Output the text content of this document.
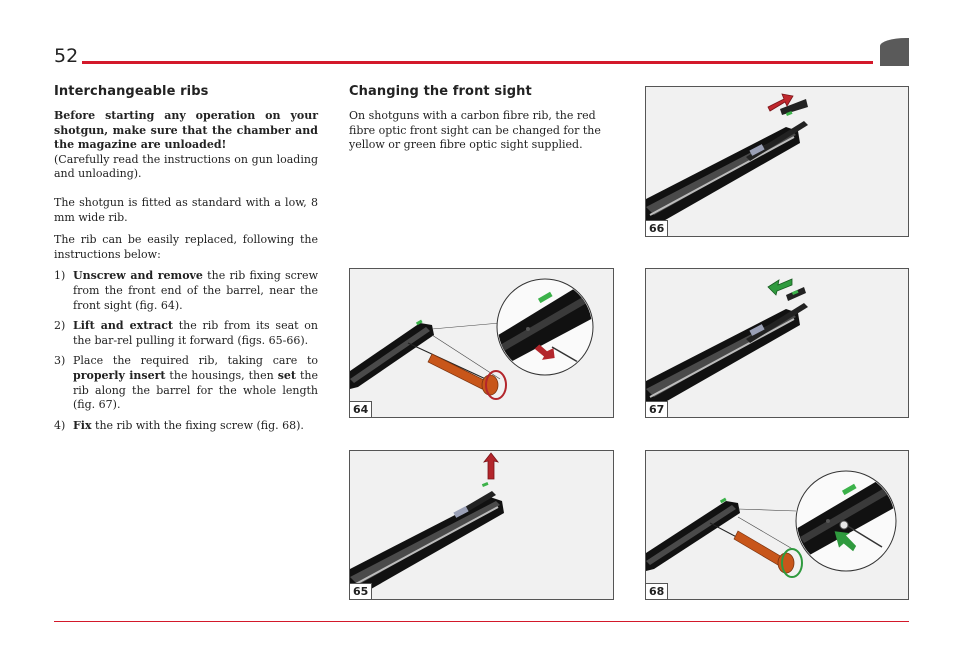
52
Interchangeable ribs

Before starting any operation on your shotgun, make sure that the chamber and the magazine are unloaded!

(Carefully read the instructions on gun loading and unloading).

The shotgun is fitted as standard with a low, 8 mm wide rib.

The rib can be easily replaced, following the instructions below:

1) Unscrew and remove the rib fixing screw from the front end of the barrel, near the front sight (fig. 64).
2) Lift and extract the rib from its seat on the bar-rel pulling it forward (figs. 65-66).
3) Place the required rib, taking care to properly insert the housings, then set the rib along the barrel for the whole length (fig. 67).
4) Fix the rib with the fixing screw (fig. 68).
Changing the front sight

On shotguns with a carbon fibre rib, the red fibre optic front sight can be changed for the yellow or green fibre optic sight supplied.

66
64	67
65	68
